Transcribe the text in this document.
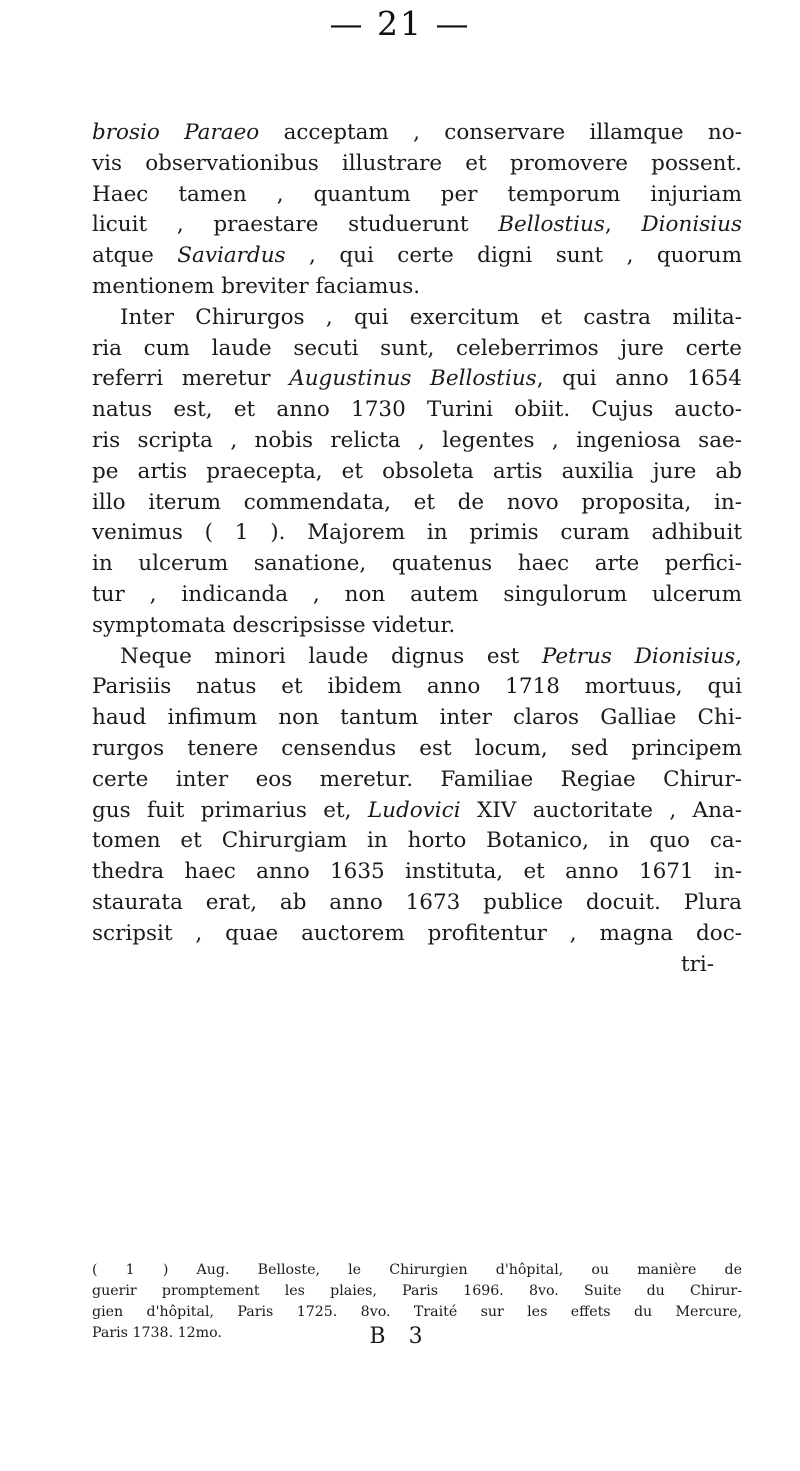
— 21 —
brosio Paraeo acceptam , conservare illamque no-
vis observationibus illustrare et promovere possent.
Haec tamen , quantum per temporum injuriam
licuit , praestare studuerunt Bellostius, Dionisius
atque Saviardus , qui certe digni sunt , quorum
mentionem breviter faciamus.
Inter Chirurgos , qui exercitum et castra milita-
ria cum laude secuti sunt, celeberrimos jure certe
referri meretur Augustinus Bellostius, qui anno 1654
natus est, et anno 1730 Turini obiit. Cujus aucto-
ris scripta , nobis relicta , legentes , ingeniosa sae-
pe artis praecepta, et obsoleta artis auxilia jure ab
illo iterum commendata, et de novo proposita, in-
venimus ( 1 ). Majorem in primis curam adhibuit
in ulcerum sanatione, quatenus haec arte perfici-
tur , indicanda , non autem singulorum ulcerum
symptomata descripsisse videtur.
Neque minori laude dignus est Petrus Dionisius,
Parisiis natus et ibidem anno 1718 mortuus, qui
haud infimum non tantum inter claros Galliae Chi-
rurgos tenere censendus est locum, sed principem
certe inter eos meretur. Familiae Regiae Chirur-
gus fuit primarius et, Ludovici XIV auctoritate , Ana-
tomen et Chirurgiam in horto Botanico, in quo ca-
thedra haec anno 1635 instituta, et anno 1671 in-
staurata erat, ab anno 1673 publice docuit. Plura
scripsit , quae auctorem profitentur , magna doc-
tri-
( 1 ) Aug. Belloste, le Chirurgien d'hôpital, ou manière de
guerir promptement les plaies, Paris 1696. 8vo. Suite du Chirur-
gien d'hôpital, Paris 1725. 8vo. Traité sur les effets du Mercure,
Paris 1738. 12mo.	B 3
